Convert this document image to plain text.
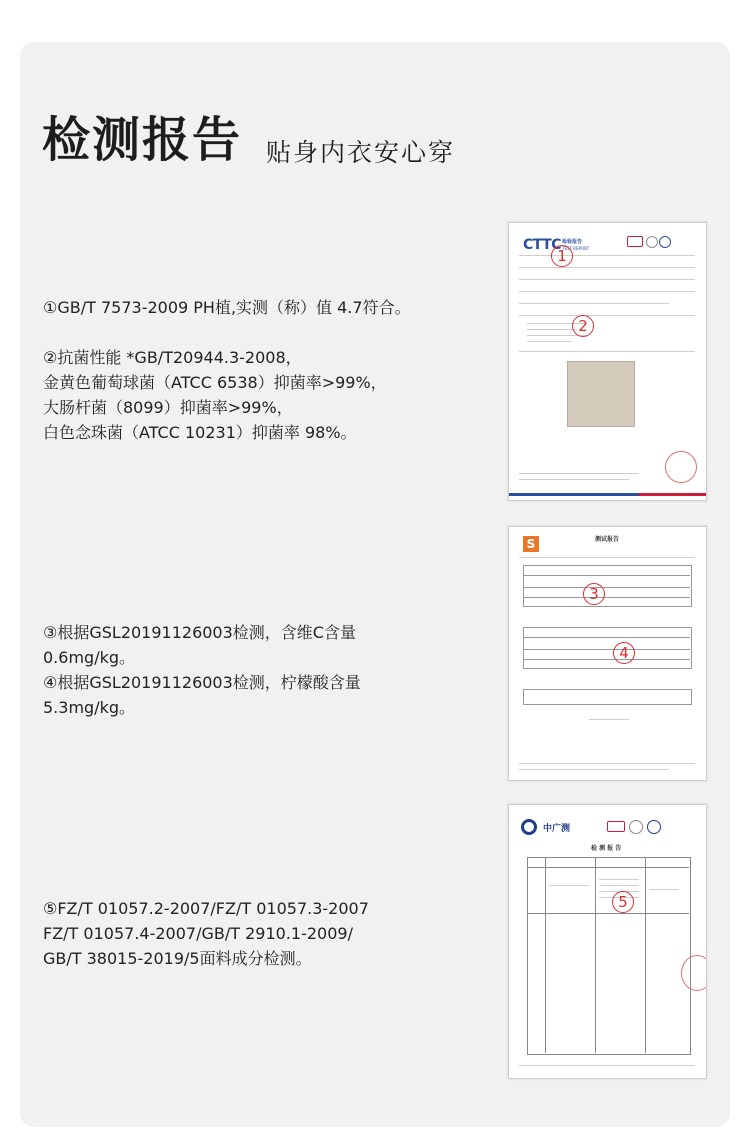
检测报告 贴身内衣安心穿
①GB/T 7573-2009 PH植,实测（称）值 4.7符合。
②抗菌性能 *GB/T20944.3-2008，
金黄色葡萄球菌（ATCC 6538）抑菌率>99%，
大肠杆菌（8099）抑菌率>99%，
白色念珠菌（ATCC 10231）抑菌率 98%。
③根据GSL20191126003检测，含维C含量
0.6mg/kg。
④根据GSL20191126003检测，柠檬酸含量
5.3mg/kg。
⑤FZ/T 01057.2-2007/FZ/T 01057.3-2007
FZ/T 01057.4-2007/GB/T 2910.1-2009/
GB/T 38015-2019/5面料成分检测。
CTTC 检验报告
TEST REPORT
1
2
S	测试报告
3
4
中广测
检 测 报 告
5
